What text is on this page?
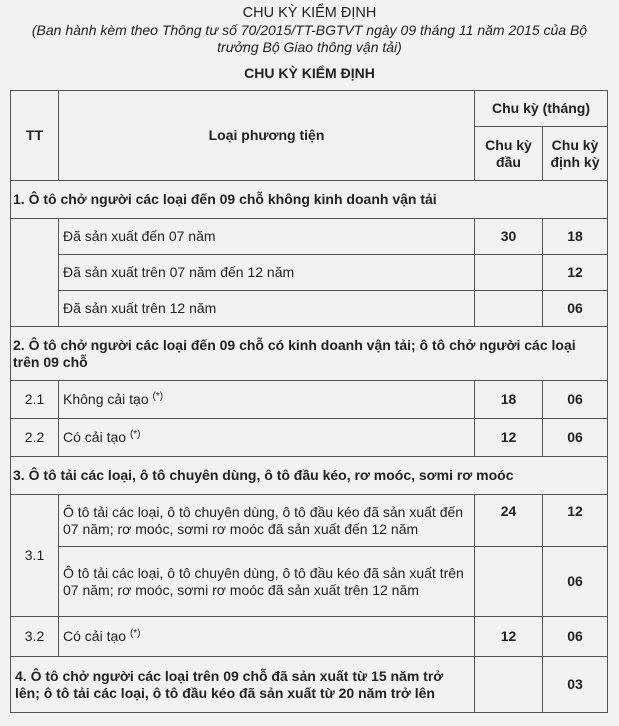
CHU KỲ KIỂM ĐỊNH
(Ban hành kèm theo Thông tư số 70/2015/TT-BGTVT ngày 09 tháng 11 năm 2015 của Bộ
trưởng Bộ Giao thông vận tải)
CHU KỲ KIỂM ĐỊNH
TT	Loại phương tiện	Chu kỳ (tháng)	
		Chu kỳ đầu	Chu kỳ định kỳ
1. Ô tô chở người các loại đến 09 chỗ không kinh doanh vận tải			
	Đã sản xuất đến 07 năm	30	18
	Đã sản xuất trên 07 năm đến 12 năm		12
	Đã sản xuất trên 12 năm		06
2. Ô tô chở người các loại đến 09 chỗ có kinh doanh vận tải; ô tô chở người các loại trên 09 chỗ			
2.1	Không cải tạo (*)	18	06
2.2	Có cải tạo (*)	12	06
3. Ô tô tải các loại, ô tô chuyên dùng, ô tô đầu kéo, rơ moóc, sơmi rơ moóc			
3.1	Ô tô tải các loại, ô tô chuyên dùng, ô tô đầu kéo đã sản xuất đến 07 năm; rơ moóc, sơmi rơ moóc đã sản xuất đến 12 năm	24	12
	Ô tô tải các loại, ô tô chuyên dùng, ô tô đầu kéo đã sản xuất trên 07 năm; rơ moóc, sơmi rơ moóc đã sản xuất trên 12 năm		06
3.2	Có cải tạo (*)	12	06
4. Ô tô chở người các loại trên 09 chỗ đã sản xuất từ 15 năm trở lên; ô tô tải các loại, ô tô đầu kéo đã sản xuất từ 20 năm trở lên			03
